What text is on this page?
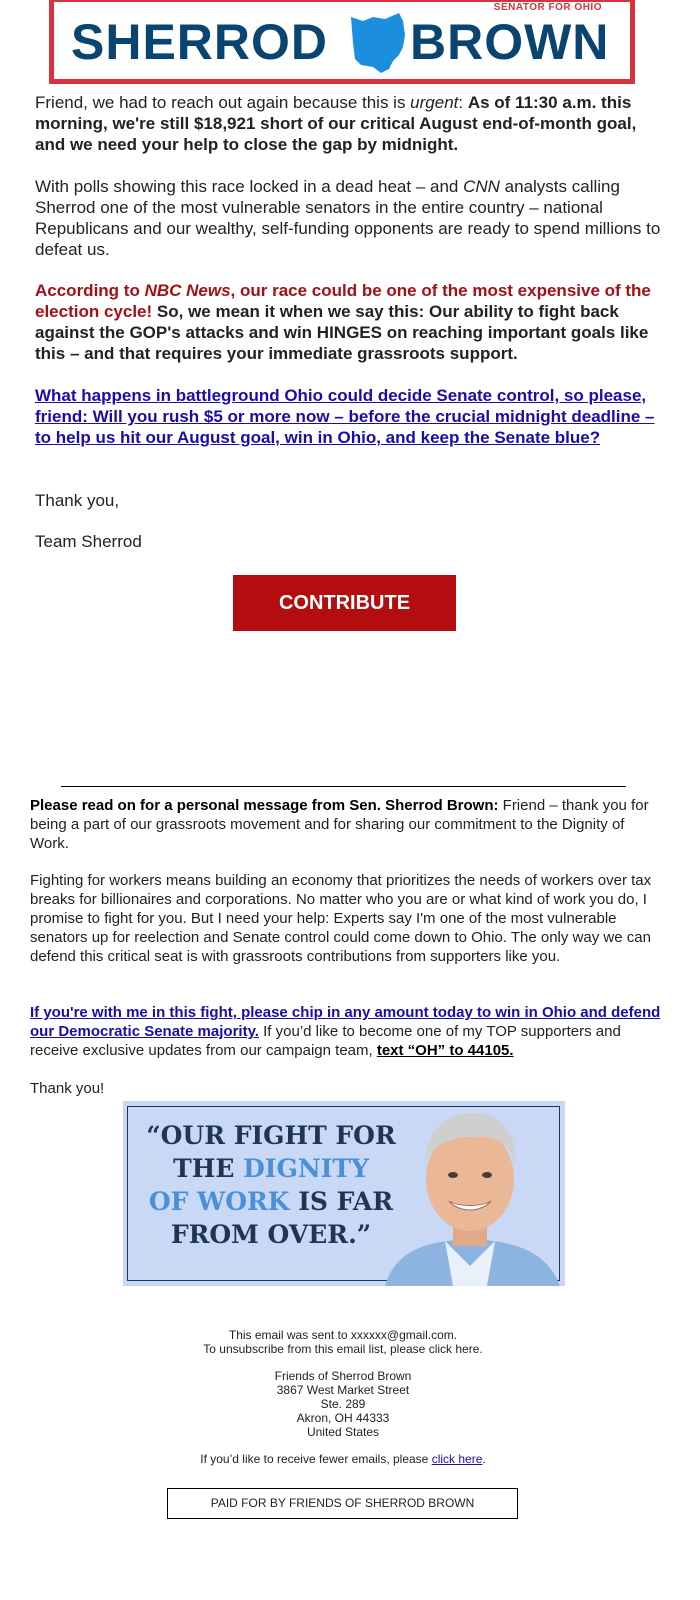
SENATOR FOR OHIO
SHERROD BROWN

Friend, we had to reach out again because this is urgent: As of 11:30 a.m. this morning, we're still $18,921 short of our critical August end-of-month goal, and we need your help to close the gap by midnight.

With polls showing this race locked in a dead heat – and CNN analysts calling Sherrod one of the most vulnerable senators in the entire country – national Republicans and our wealthy, self-funding opponents are ready to spend millions to defeat us.

According to NBC News, our race could be one of the most expensive of the election cycle! So, we mean it when we say this: Our ability to fight back against the GOP's attacks and win HINGES on reaching important goals like this – and that requires your immediate grassroots support.

What happens in battleground Ohio could decide Senate control, so please, friend: Will you rush $5 or more now – before the crucial midnight deadline – to help us hit our August goal, win in Ohio, and keep the Senate blue?

Thank you,

Team Sherrod

CONTRIBUTE

Please read on for a personal message from Sen. Sherrod Brown: Friend – thank you for being a part of our grassroots movement and for sharing our commitment to the Dignity of Work.

Fighting for workers means building an economy that prioritizes the needs of workers over tax breaks for billionaires and corporations. No matter who you are or what kind of work you do, I promise to fight for you. But I need your help: Experts say I'm one of the most vulnerable senators up for reelection and Senate control could come down to Ohio. The only way we can defend this critical seat is with grassroots contributions from supporters like you.

If you're with me in this fight, please chip in any amount today to win in Ohio and defend our Democratic Senate majority. If you’d like to become one of my TOP supporters and receive exclusive updates from our campaign team, text “OH” to 44105.

Thank you!

“OUR FIGHT FOR
THE DIGNITY
OF WORK IS FAR
FROM OVER.”
This email was sent to xxxxxx@gmail.com.
To unsubscribe from this email list, please click here.
Friends of Sherrod Brown
3867 West Market Street
Ste. 289
Akron, OH 44333
United States
If you’d like to receive fewer emails, please click here.
PAID FOR BY FRIENDS OF SHERROD BROWN
